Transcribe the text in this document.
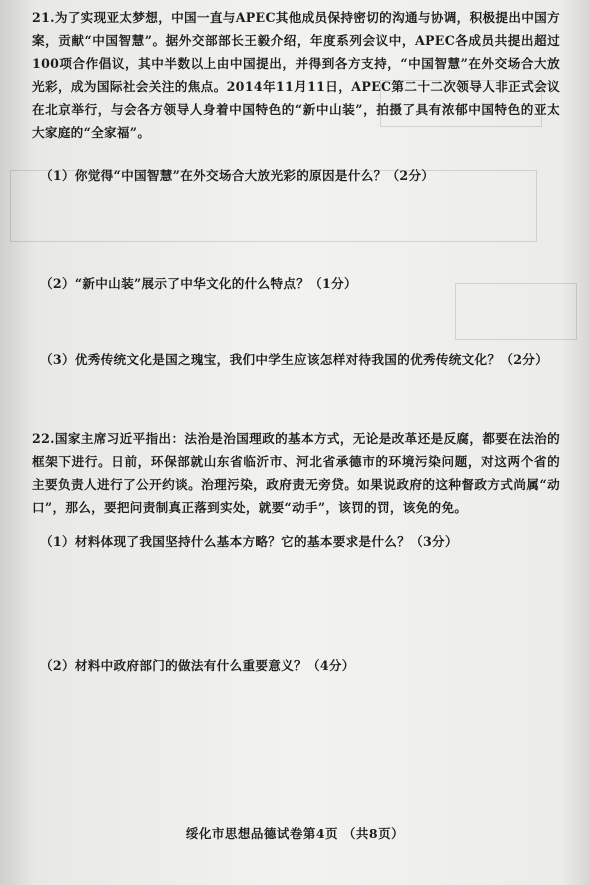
21.为了实现亚太梦想，中国一直与APEC其他成员保持密切的沟通与协调，积极提出中国方案，贡献“中国智慧”。据外交部部长王毅介绍，年度系列会议中，APEC各成员共提出超过100项合作倡议，其中半数以上由中国提出，并得到各方支持，“中国智慧”在外交场合大放光彩，成为国际社会关注的焦点。2014年11月11日，APEC第二十二次领导人非正式会议在北京举行，与会各方领导人身着中国特色的“新中山装”，拍摄了具有浓郁中国特色的亚太大家庭的“全家福”。
（1）你觉得“中国智慧”在外交场合大放光彩的原因是什么？（2分）
（2）“新中山装”展示了中华文化的什么特点？（1分）
（3）优秀传统文化是国之瑰宝，我们中学生应该怎样对待我国的优秀传统文化？（2分）
22.国家主席习近平指出：法治是治国理政的基本方式，无论是改革还是反腐，都要在法治的框架下进行。日前，环保部就山东省临沂市、河北省承德市的环境污染问题，对这两个省的主要负责人进行了公开约谈。治理污染，政府责无旁贷。如果说政府的这种督政方式尚属“动口”，那么，要把问责制真正落到实处，就要“动手”，该罚的罚，该免的免。
（1）材料体现了我国坚持什么基本方略？它的基本要求是什么？（3分）
（2）材料中政府部门的做法有什么重要意义？（4分）
绥化市思想品德试卷第4页 （共8页）
